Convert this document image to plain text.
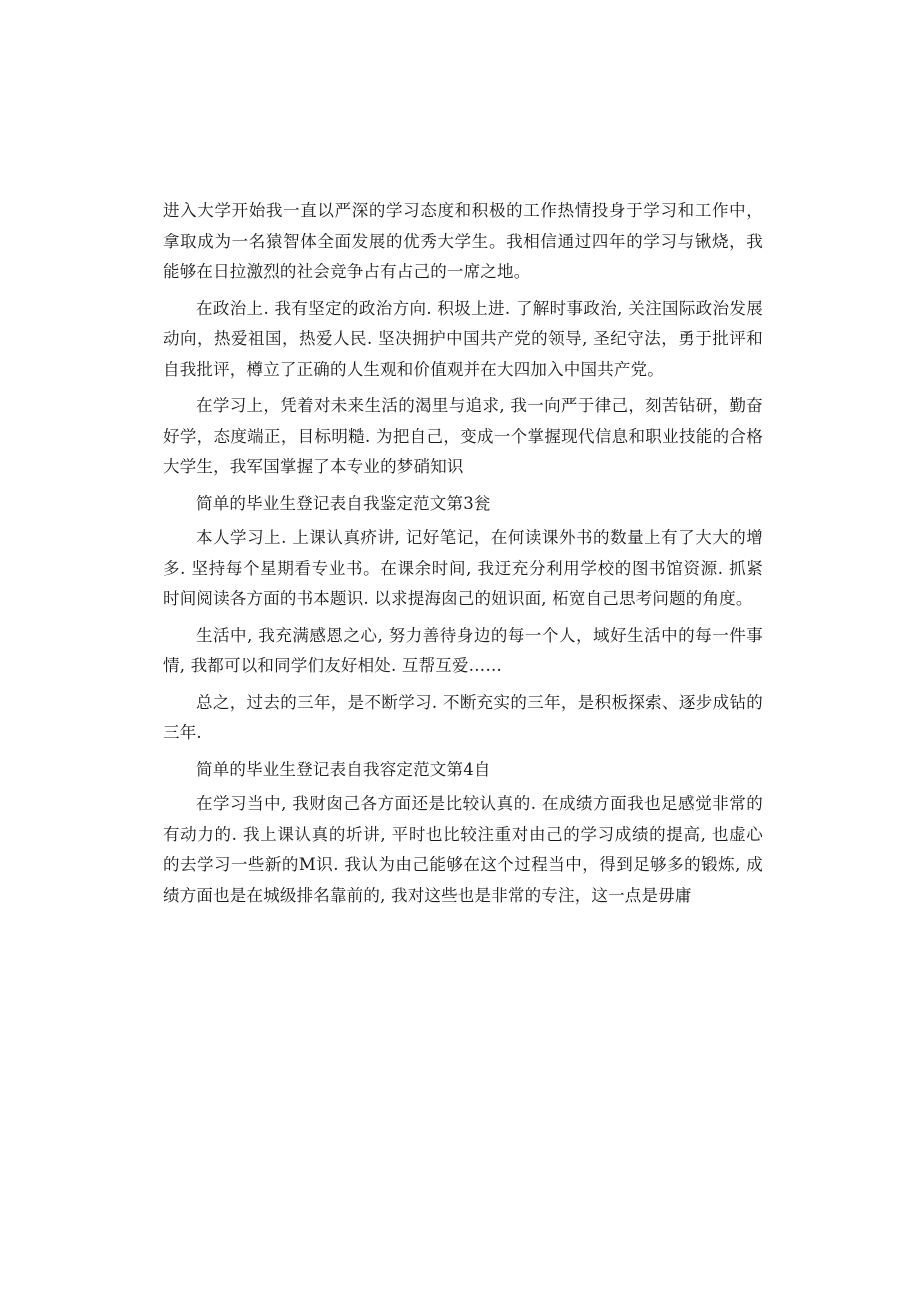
进入大学开始我一直以严深的学习态度和积极的工作热情投身于学习和工作中，拿取成为一名猿智体全面发展的优秀大学生。我相信通过四年的学习与锹烧，我能够在日拉激烈的社会竞争占有占己的一席之地。

在政治上. 我有坚定的政治方向. 积圾上进. 了解时事政治, 关注国际政治发展动向，热爱祖国，热爱人民. 坚决拥护中国共产党的领导, 圣纪守法，勇于批评和自我批评，樽立了正确的人生观和价值观并在大四加入中国共产党。

在学习上，凭着对未来生活的渴里与追求, 我一向严于律己，刻苦钻研，勤奋好学，态度端正，目标明糙. 为把自己，变成一个掌握现代信息和职业技能的合格大学生，我军国掌握了本专业的梦硝知识

简单的毕业生登记表自我鉴定范文第3瓮

本人学习上. 上课认真疥讲, 记好笔记，在何读课外书的数量上有了大大的增多. 坚持每个星期看专业书。在课余时间, 我迂充分利用学校的图书馆资源. 抓紧时间阅读各方面的书本题识. 以求提海囱己的妞识面, 柘宽自己思考问题的角度。

生活中, 我充满感恩之心, 努力善待身边的每一个人，域好生活中的每一件事情, 我都可以和同学们友好相处. 互帮互爱……

总之，过去的三年，是不断学习. 不断充实的三年，是积板探索、逐步成钻的三年.

简单的毕业生登记表自我容定范文第4自

在学习当中, 我财囱己各方面还是比较认真的. 在成绩方面我也足感觉非常的有动力的. 我上课认真的圻讲, 平时也比较注重对由己的学习成绩的提高, 也虚心的去学习一些新的M识. 我认为由己能够在这个过程当中，得到足够多的锻炼, 成绩方面也是在城级排名靠前的, 我对这些也是非常的专注，这一点是毋庸
